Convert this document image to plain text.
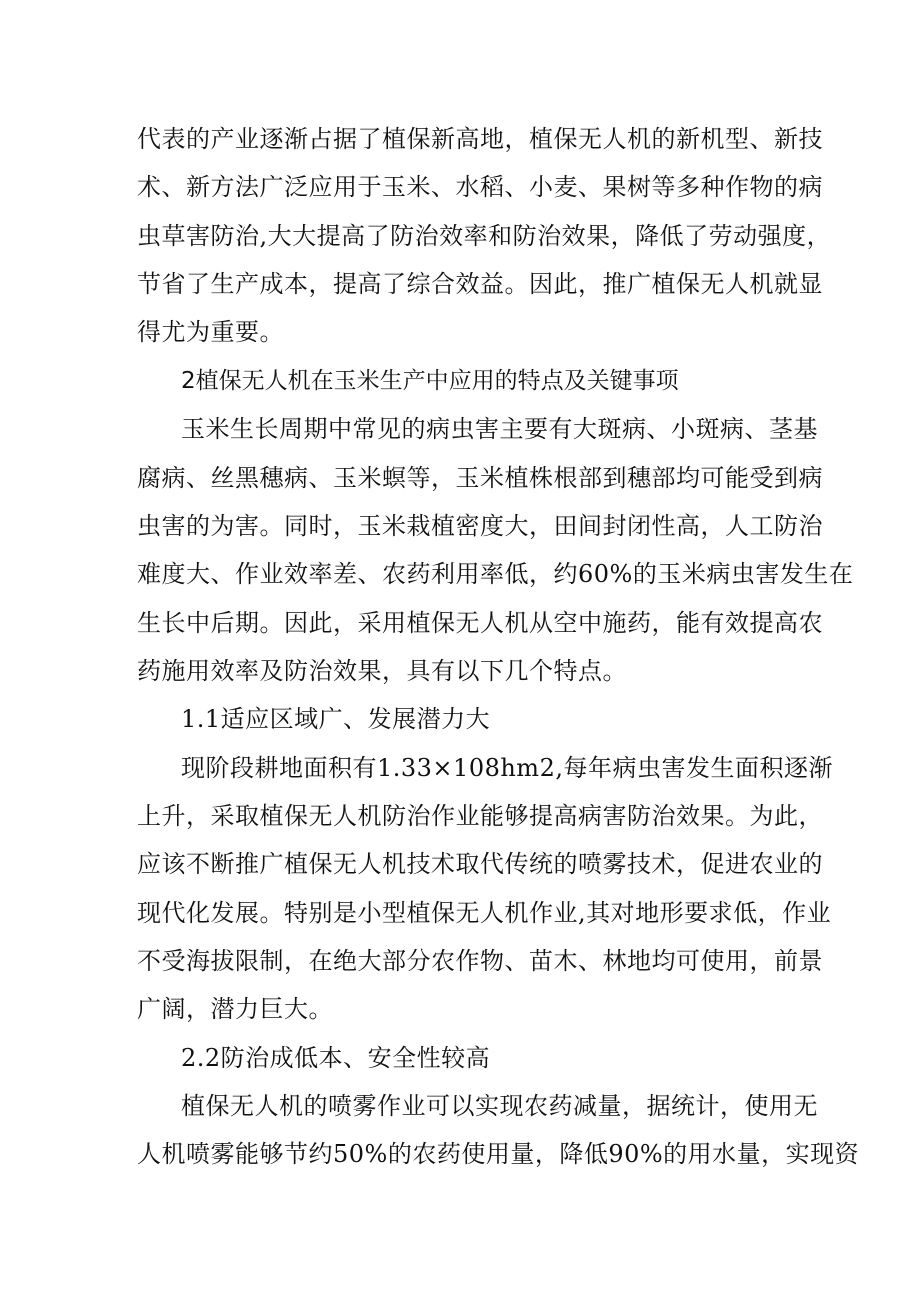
代表的产业逐渐占据了植保新高地，植保无人机的新机型、新技
术、新方法广泛应用于玉米、水稻、小麦、果树等多种作物的病
虫草害防治,大大提高了防治效率和防治效果，降低了劳动强度，
节省了生产成本，提高了综合效益。因此，推广植保无人机就显
得尤为重要。
2植保无人机在玉米生产中应用的特点及关键事项
玉米生长周期中常见的病虫害主要有大斑病、小斑病、茎基
腐病、丝黑穗病、玉米螟等，玉米植株根部到穗部均可能受到病
虫害的为害。同时，玉米栽植密度大，田间封闭性高，人工防治
难度大、作业效率差、农药利用率低，约60%的玉米病虫害发生在
生长中后期。因此，采用植保无人机从空中施药，能有效提高农
药施用效率及防治效果，具有以下几个特点。
1.1适应区域广、发展潜力大
现阶段耕地面积有1.33×108hm2,每年病虫害发生面积逐渐
上升，采取植保无人机防治作业能够提高病害防治效果。为此，
应该不断推广植保无人机技术取代传统的喷雾技术，促进农业的
现代化发展。特别是小型植保无人机作业,其对地形要求低，作业
不受海拔限制，在绝大部分农作物、苗木、林地均可使用，前景
广阔，潜力巨大。
2.2防治成低本、安全性较高
植保无人机的喷雾作业可以实现农药减量，据统计，使用无
人机喷雾能够节约50%的农药使用量，降低90%的用水量，实现资
